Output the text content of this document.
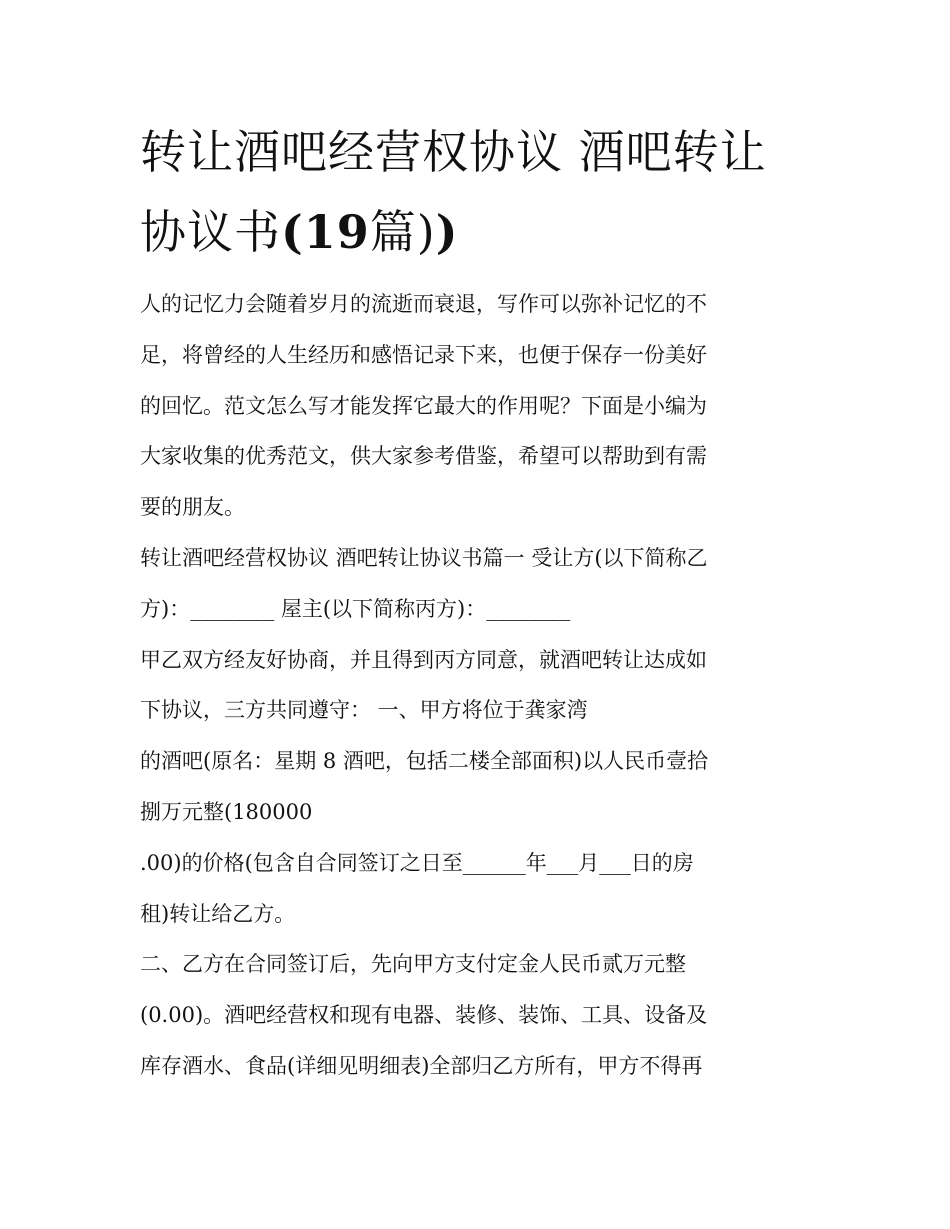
转让酒吧经营权协议 酒吧转让
协议书(19篇))
人的记忆力会随着岁月的流逝而衰退，写作可以弥补记忆的不
足，将曾经的人生经历和感悟记录下来，也便于保存一份美好
的回忆。范文怎么写才能发挥它最大的作用呢？下面是小编为
大家收集的优秀范文，供大家参考借鉴，希望可以帮助到有需
要的朋友。
转让酒吧经营权协议 酒吧转让协议书篇一 受让方(以下简称乙
方)：________ 屋主(以下简称丙方)：________
甲乙双方经友好协商，并且得到丙方同意，就酒吧转让达成如
下协议，三方共同遵守： 一、甲方将位于龚家湾
的酒吧(原名：星期 8 酒吧，包括二楼全部面积)以人民币壹拾
捌万元整(180000
.00)的价格(包含自合同签订之日至______年___月___日的房
租)转让给乙方。
二、乙方在合同签订后，先向甲方支付定金人民币贰万元整
(0.00)。酒吧经营权和现有电器、装修、装饰、工具、设备及
库存酒水、食品(详细见明细表)全部归乙方所有，甲方不得再
